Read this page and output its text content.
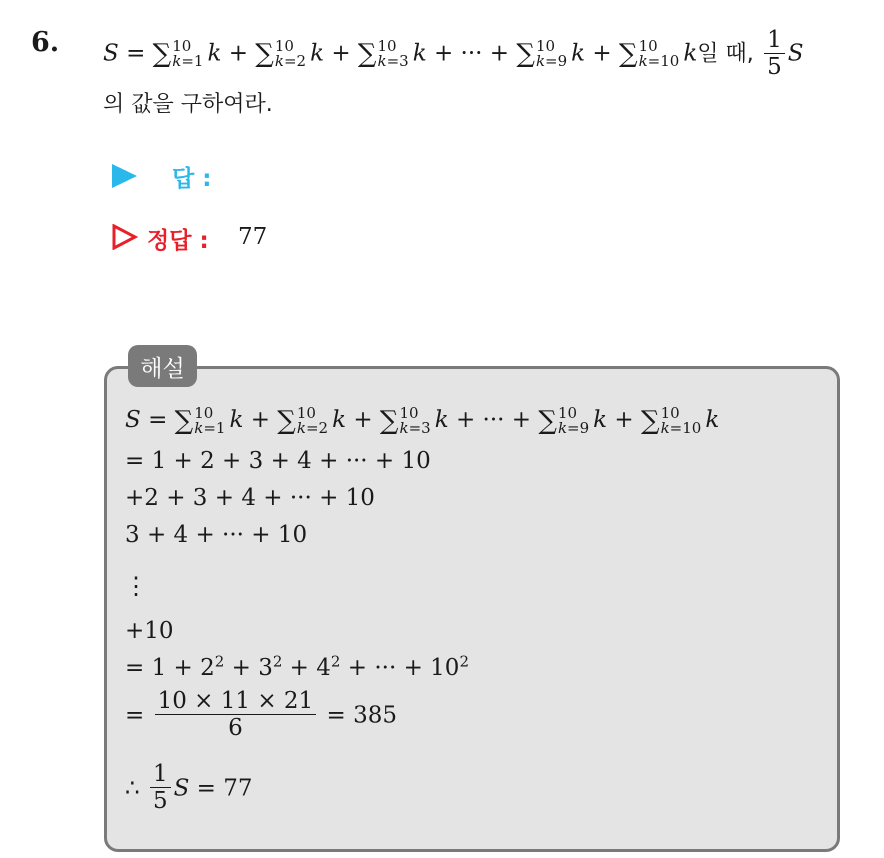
6. S = ∑ 10
k=1 k + ∑ 10
k=2 k + ∑ 10
k=3 k + ··· + ∑ 10
k=9 k + ∑ 10
k=10 k일 때, $\frac{1}{5}$ S
의 값을 구하여라.
답 :
정답 : 77
해설
S = ∑ 10
k=1 k + ∑ 10
k=2 k + ∑ 10
k=3 k + ··· + ∑ 10
k=9 k + ∑ 10
k=10 k
= 1 + 2 + 3 + 4 + ··· + 10
+2 + 3 + 4 + ··· + 10
3 + 4 + ··· + 10
⋮
+10
= $1 + 2^2 + 3^2 + 4^2$ + ··· + $10^2$
= $\frac{10 \times 11 \times 21}{6} = 385$
∴ $\frac{1}{5}$ S = 77
